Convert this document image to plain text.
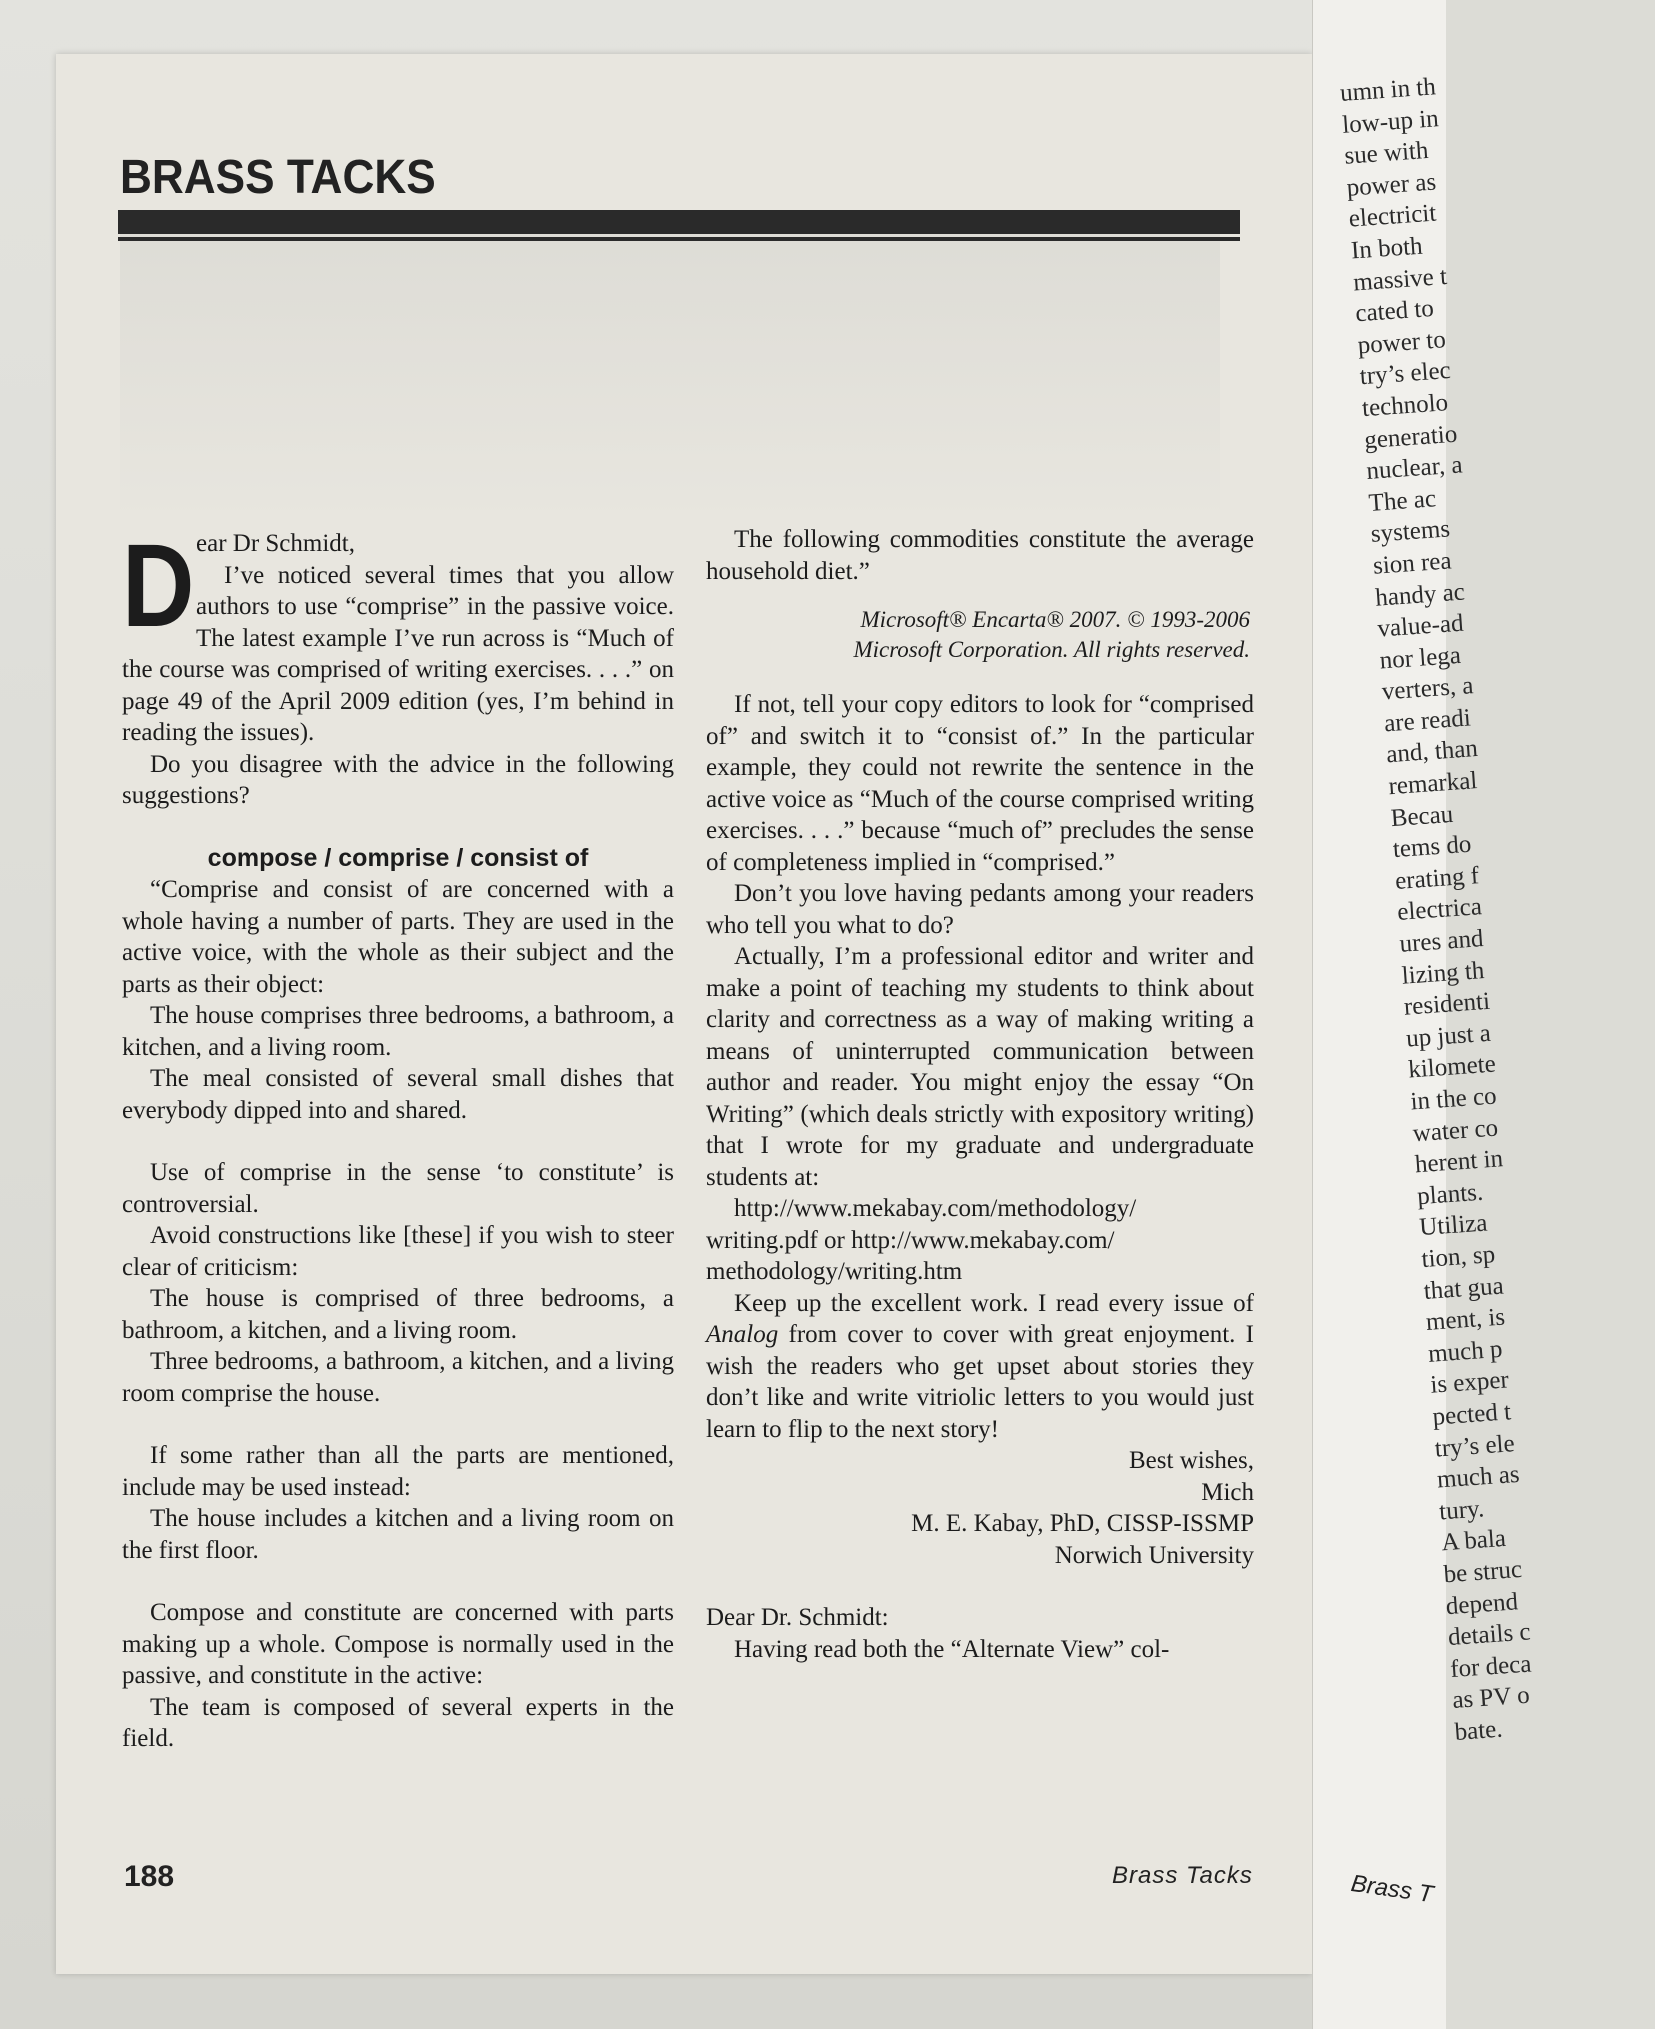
BRASS TACKS
D ear Dr Schmidt,

I’ve noticed several times that you allow authors to use “comprise” in the passive voice. The latest example I’ve run across is “Much of the course was comprised of writing exercises. . . .” on page 49 of the April 2009 edition (yes, I’m behind in reading the issues).

Do you disagree with the advice in the following suggestions?

compose / comprise / consist of

“Comprise and consist of are concerned with a whole having a number of parts. They are used in the active voice, with the whole as their subject and the parts as their object:

The house comprises three bedrooms, a bathroom, a kitchen, and a living room.

The meal consisted of several small dishes that everybody dipped into and shared.

Use of comprise in the sense ‘to constitute’ is controversial.

Avoid constructions like [these] if you wish to steer clear of criticism:

The house is comprised of three bedrooms, a bathroom, a kitchen, and a living room.

Three bedrooms, a bathroom, a kitchen, and a living room comprise the house.

If some rather than all the parts are mentioned, include may be used instead:

The house includes a kitchen and a living room on the first floor.

Compose and constitute are concerned with parts making up a whole. Compose is normally used in the passive, and constitute in the active:

The team is composed of several experts in the field.

The following commodities constitute the average household diet.”

Microsoft® Encarta® 2007. © 1993-2006

Microsoft Corporation. All rights reserved.

If not, tell your copy editors to look for “comprised of” and switch it to “consist of.” In the particular example, they could not rewrite the sentence in the active voice as “Much of the course comprised writing exercises. . . .” because “much of” precludes the sense of completeness implied in “comprised.”

Don’t you love having pedants among your readers who tell you what to do?

Actually, I’m a professional editor and writer and make a point of teaching my students to think about clarity and correctness as a way of making writing a means of uninterrupted communication between author and reader. You might enjoy the essay “On Writing” (which deals strictly with expository writing) that I wrote for my graduate and undergraduate students at:

http://www.mekabay.com/methodology/ writing.pdf or http://www.mekabay.com/ methodology/writing.htm

Keep up the excellent work. I read every issue of Analog from cover to cover with great enjoyment. I wish the readers who get upset about stories they don’t like and write vitriolic letters to you would just learn to flip to the next story!

Best wishes,

Mich

M. E. Kabay, PhD, CISSP-ISSMP

Norwich University

Dear Dr. Schmidt:

Having read both the “Alternate View” col-

188	Brass Tacks
umn in th
low-up in
sue with
power as
electricit
In both
massive t
cated to
power to
try’s elec
technolo
generatio
nuclear, a
The ac
systems
sion rea
handy ac
value-ad
nor lega
verters, a
are readi
and, than
remarkal
Becau
tems do
erating f
electrica
ures and
lizing th
residenti
up just a
kilomete
in the co
water co
herent in
plants.
Utiliza
tion, sp
that gua
ment, is
much p
is exper
pected t
try’s ele
much as
tury.
A bala
be struc
depend
details c
for deca
as PV o
bate.
Brass T
